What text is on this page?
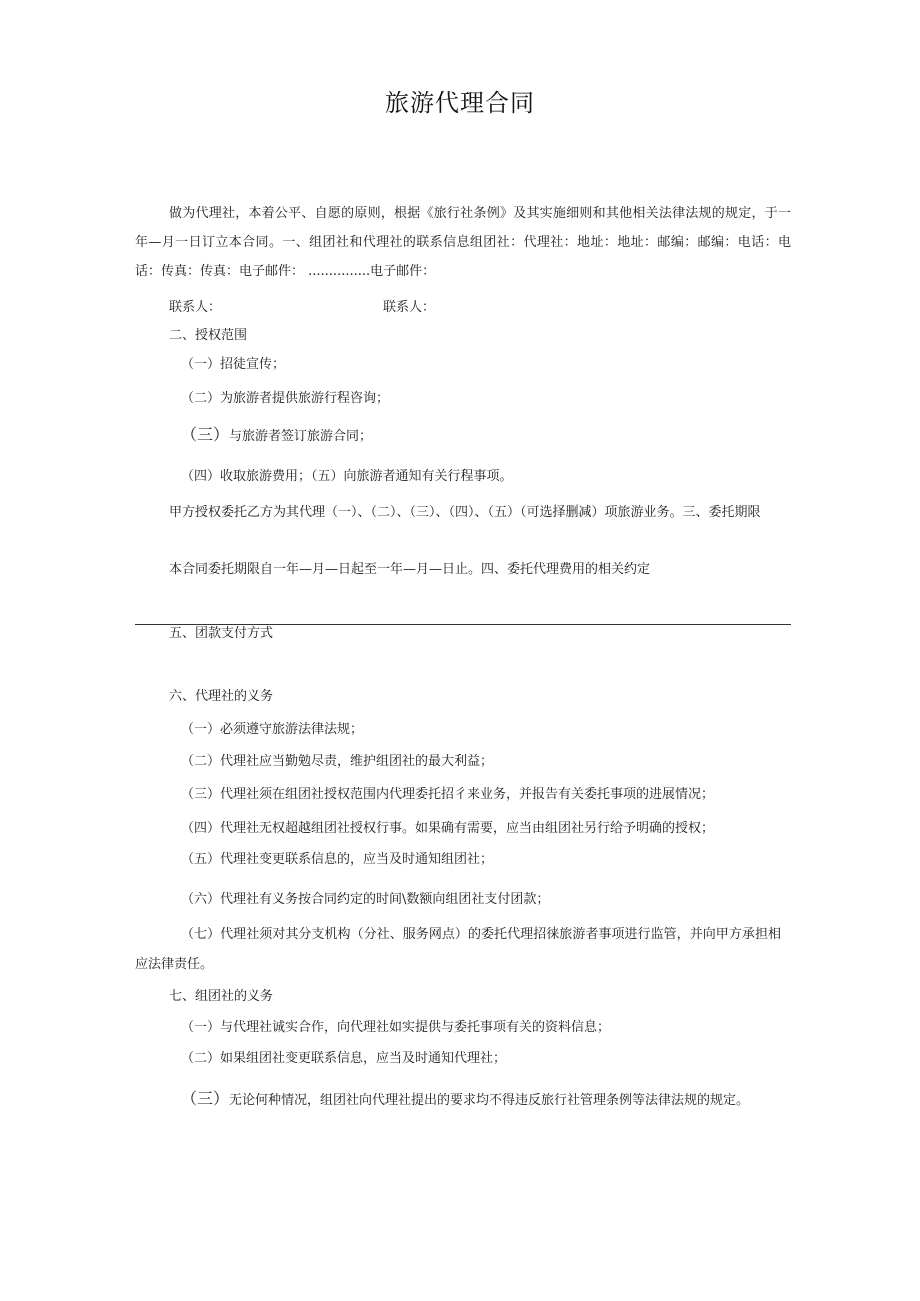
旅游代理合同
做为代理社，本着公平、自愿的原则，根据《旅行社条例》及其实施细则和其他相关法律法规的规定，于一年—月一日订立本合同。一、组团社和代理社的联系信息组团社：代理社：地址：地址：邮编：邮编：电话：电话：传真：传真：电子邮件： ...............电子邮件：
联系人：	联系人：
二、授权范围
（一）招徒宣传；
（二）为旅游者提供旅游行程咨询；
（三）与旅游者签订旅游合同；
（四）收取旅游费用；（五）向旅游者通知有关行程事项。
甲方授权委托乙方为其代理（一）、（二）、（三）、（四）、（五）（可选择删减）项旅游业务。三、委托期限
本合同委托期限自一年—月—日起至一年—月—日止。四、委托代理费用的相关约定
五、团款支付方式
六、代理社的义务
（一）必须遵守旅游法律法规；
（二）代理社应当勤勉尽责，维护组团社的最大利益；
（三）代理社须在组团社授权范围内代理委托招彳来业务，并报告有关委托事项的进展情况；
（四）代理社无权超越组团社授权行事。如果确有需要，应当由组团社另行给予明确的授权；
（五）代理社变更联系信息的，应当及时通知组团社；
（六）代理社有义务按合同约定的时间\数额向组团社支付团款；
（七）代理社须对其分支机构（分社、服务网点）的委托代理招徕旅游者事项进行监管，并向甲方承担相应法律责任。
七、组团社的义务
（一）与代理社诚实合作，向代理社如实提供与委托事项有关的资料信息；
（二）如果组团社变更联系信息，应当及时通知代理社；
（三）无论何种情况，组团社向代理社提出的要求均不得违反旅行社管理条例等法律法规的规定。
